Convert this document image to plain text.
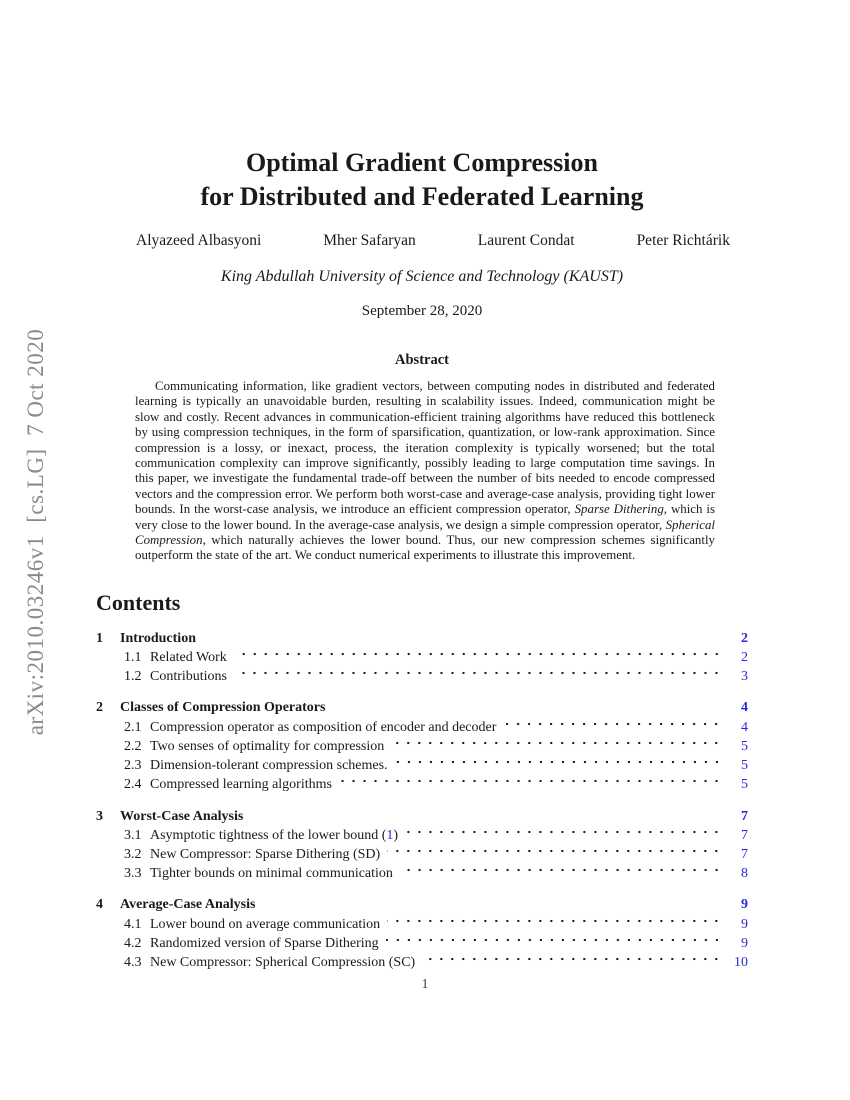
arXiv:2010.03246v1  [cs.LG]  7 Oct 2020
Optimal Gradient Compression
for Distributed and Federated Learning
Alyazeed Albasyoni	Mher Safaryan	Laurent Condat	Peter Richtárik
King Abdullah University of Science and Technology (KAUST)
September 28, 2020
Abstract

Communicating information, like gradient vectors, between computing nodes in distributed and federated learning is typically an unavoidable burden, resulting in scalability issues. Indeed, communication might be slow and costly. Recent advances in communication-efficient training algorithms have reduced this bottleneck by using compression techniques, in the form of sparsification, quantization, or low-rank approximation. Since compression is a lossy, or inexact, process, the iteration complexity is typically worsened; but the total communication complexity can improve significantly, possibly leading to large computation time savings. In this paper, we investigate the fundamental trade-off between the number of bits needed to encode compressed vectors and the compression error. We perform both worst-case and average-case analysis, providing tight lower bounds. In the worst-case analysis, we introduce an efficient compression operator, Sparse Dithering, which is very close to the lower bound. In the average-case analysis, we design a simple compression operator, Spherical Compression, which naturally achieves the lower bound. Thus, our new compression schemes significantly outperform the state of the art. We conduct numerical experiments to illustrate this improvement.

Contents
1	Introduction	2
1.1 Related Work	2
1.2 Contributions	3
2	Classes of Compression Operators	4
2.1 Compression operator as composition of encoder and decoder	4
2.2 Two senses of optimality for compression	5
2.3 Dimension-tolerant compression schemes.	5
2.4 Compressed learning algorithms	5
3	Worst-Case Analysis	7
3.1 Asymptotic tightness of the lower bound (1)	7
3.2 New Compressor: Sparse Dithering (SD)	7
3.3 Tighter bounds on minimal communication	8
4	Average-Case Analysis	9
4.1 Lower bound on average communication	9
4.2 Randomized version of Sparse Dithering	9
4.3 New Compressor: Spherical Compression (SC)	10
1
